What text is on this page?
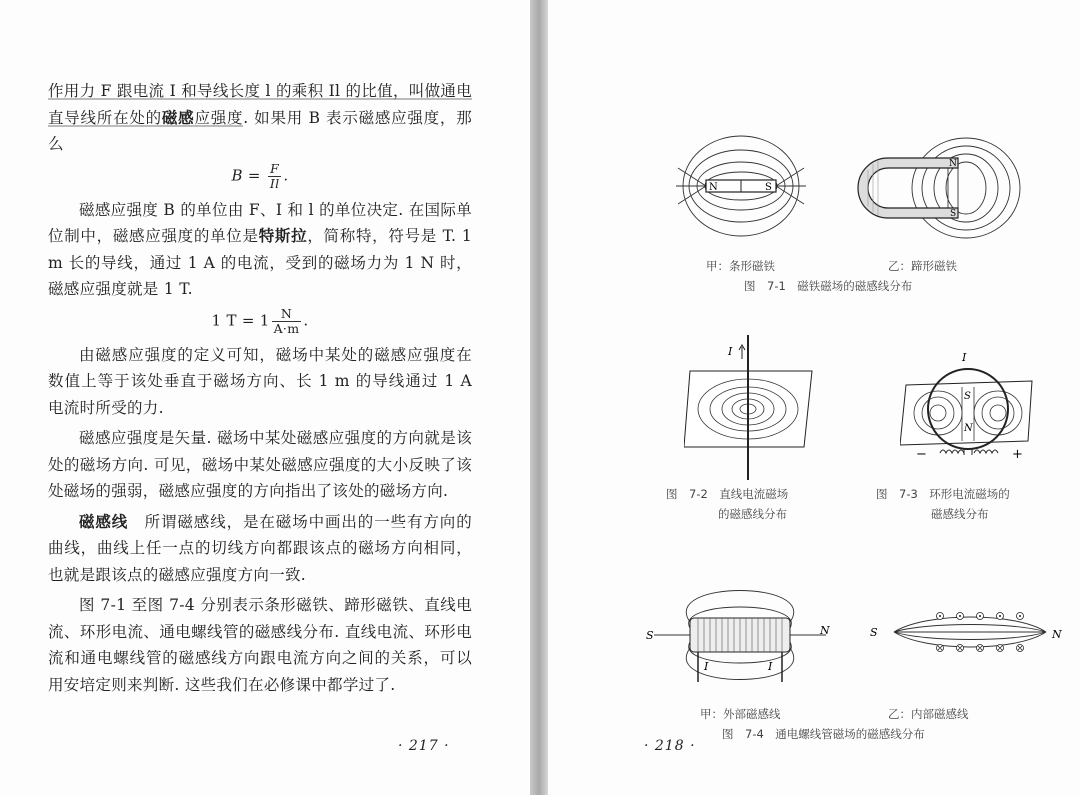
作用力 F 跟电流 I 和导线长度 l 的乘积 Il 的比值，叫做通电直导线所在处的磁感应强度. 如果用 B 表示磁感应强度，那么

$B = \frac{F}{Il}$ .

磁感应强度 B 的单位由 F、I 和 l 的单位决定. 在国际单位制中，磁感应强度的单位是特斯拉，简称特，符号是 T. 1 m 长的导线，通过 1 A 的电流，受到的磁场力为 1 N 时，磁感应强度就是 1 T.

1 $T = 1 \frac{N}{A\cdot m}$ .

由磁感应强度的定义可知，磁场中某处的磁感应强度在数值上等于该处垂直于磁场方向、长 1 m 的导线通过 1 A 电流时所受的力.

磁感应强度是矢量. 磁场中某处磁感应强度的方向就是该处的磁场方向. 可见，磁场中某处磁感应强度的大小反映了该处磁场的强弱，磁感应强度的方向指出了该处的磁场方向.

磁感线　所谓磁感线，是在磁场中画出的一些有方向的曲线，曲线上任一点的切线方向都跟该点的磁场方向相同，也就是跟该点的磁感应强度方向一致.

图 7-1 至图 7-4 分别表示条形磁铁、蹄形磁铁、直线电流、环形电流、通电螺线管的磁感线分布. 直线电流、环形电流和通电螺线管的磁感线方向跟电流方向之间的关系，可以用安培定则来判断. 这些我们在必修课中都学过了.

· 217 ·
N	S
N
S
甲：条形磁铁	乙：蹄形磁铁
图　7-1　磁铁磁场的磁感线分布
I
图　7-2　直线电流磁场
的磁感线分布
S
N
I
−	+
图　7-3　环形电流磁场的
磁感线分布
S	N
I	I
S	N
甲：外部磁感线	乙：内部磁感线
图　7-4　通电螺线管磁场的磁感线分布
· 218 ·
